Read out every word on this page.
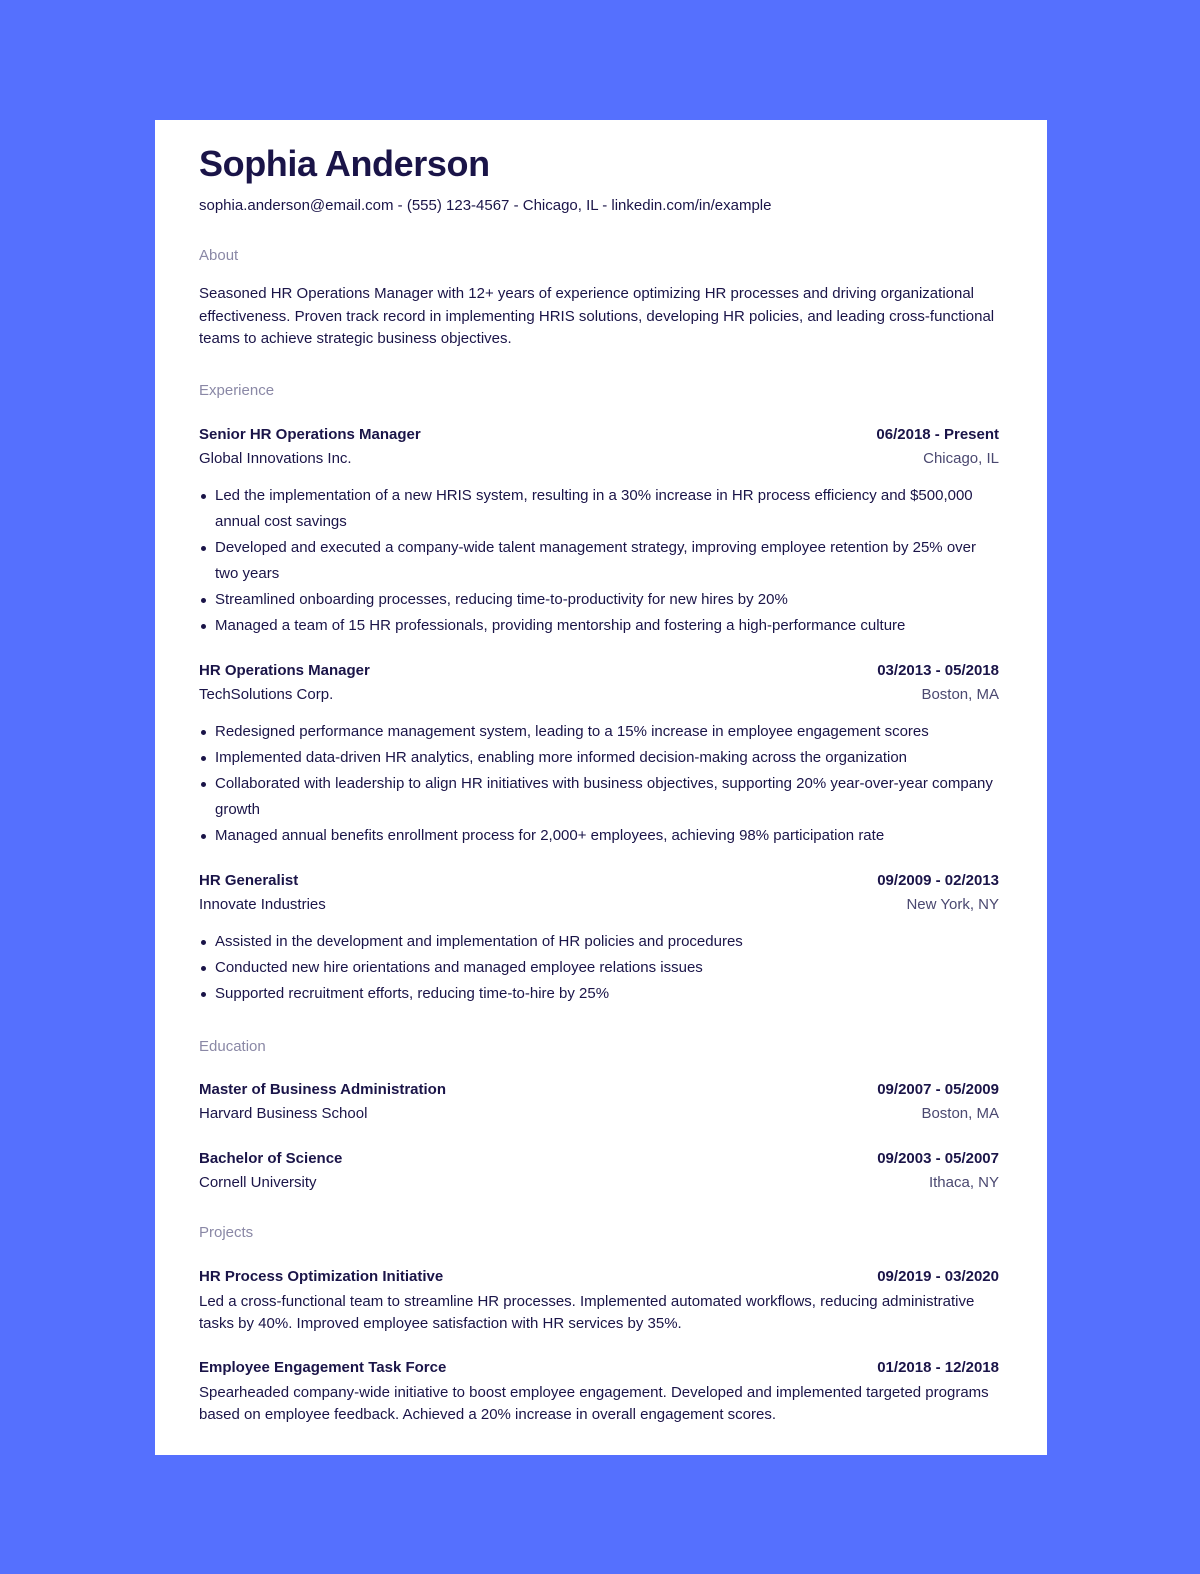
Sophia Anderson
sophia.anderson@email.com - (555) 123-4567 - Chicago, IL - linkedin.com/in/example
About
Seasoned HR Operations Manager with 12+ years of experience optimizing HR processes and driving organizational effectiveness. Proven track record in implementing HRIS solutions, developing HR policies, and leading cross-functional teams to achieve strategic business objectives.
Experience
Senior HR Operations Manager	06/2018 - Present
Global Innovations Inc.	Chicago, IL
Led the implementation of a new HRIS system, resulting in a 30% increase in HR process efficiency and $500,000 annual cost savings
Developed and executed a company-wide talent management strategy, improving employee retention by 25% over two years
Streamlined onboarding processes, reducing time-to-productivity for new hires by 20%
Managed a team of 15 HR professionals, providing mentorship and fostering a high-performance culture
HR Operations Manager	03/2013 - 05/2018
TechSolutions Corp.	Boston, MA
Redesigned performance management system, leading to a 15% increase in employee engagement scores
Implemented data-driven HR analytics, enabling more informed decision-making across the organization
Collaborated with leadership to align HR initiatives with business objectives, supporting 20% year-over-year company growth
Managed annual benefits enrollment process for 2,000+ employees, achieving 98% participation rate
HR Generalist	09/2009 - 02/2013
Innovate Industries	New York, NY
Assisted in the development and implementation of HR policies and procedures
Conducted new hire orientations and managed employee relations issues
Supported recruitment efforts, reducing time-to-hire by 25%
Education
Master of Business Administration	09/2007 - 05/2009
Harvard Business School	Boston, MA
Bachelor of Science	09/2003 - 05/2007
Cornell University	Ithaca, NY
Projects
HR Process Optimization Initiative	09/2019 - 03/2020
Led a cross-functional team to streamline HR processes. Implemented automated workflows, reducing administrative tasks by 40%. Improved employee satisfaction with HR services by 35%.
Employee Engagement Task Force	01/2018 - 12/2018
Spearheaded company-wide initiative to boost employee engagement. Developed and implemented targeted programs based on employee feedback. Achieved a 20% increase in overall engagement scores.
